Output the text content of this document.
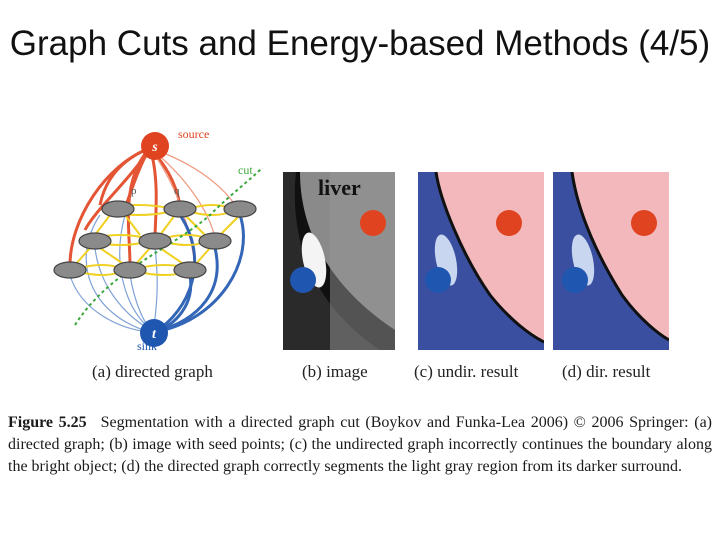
Graph Cuts and Energy-based Methods (4/5)
s
t
source
sink
cut
p	q	liver
(a) directed graph	(b) image	(c) undir. result	(d) dir. result
Figure 5.25 Segmentation with a directed graph cut (Boykov and Funka-Lea 2006) © 2006 Springer: (a) directed graph; (b) image with seed points; (c) the undirected graph incorrectly continues the boundary along the bright object; (d) the directed graph correctly segments the light gray region from its darker surround.
